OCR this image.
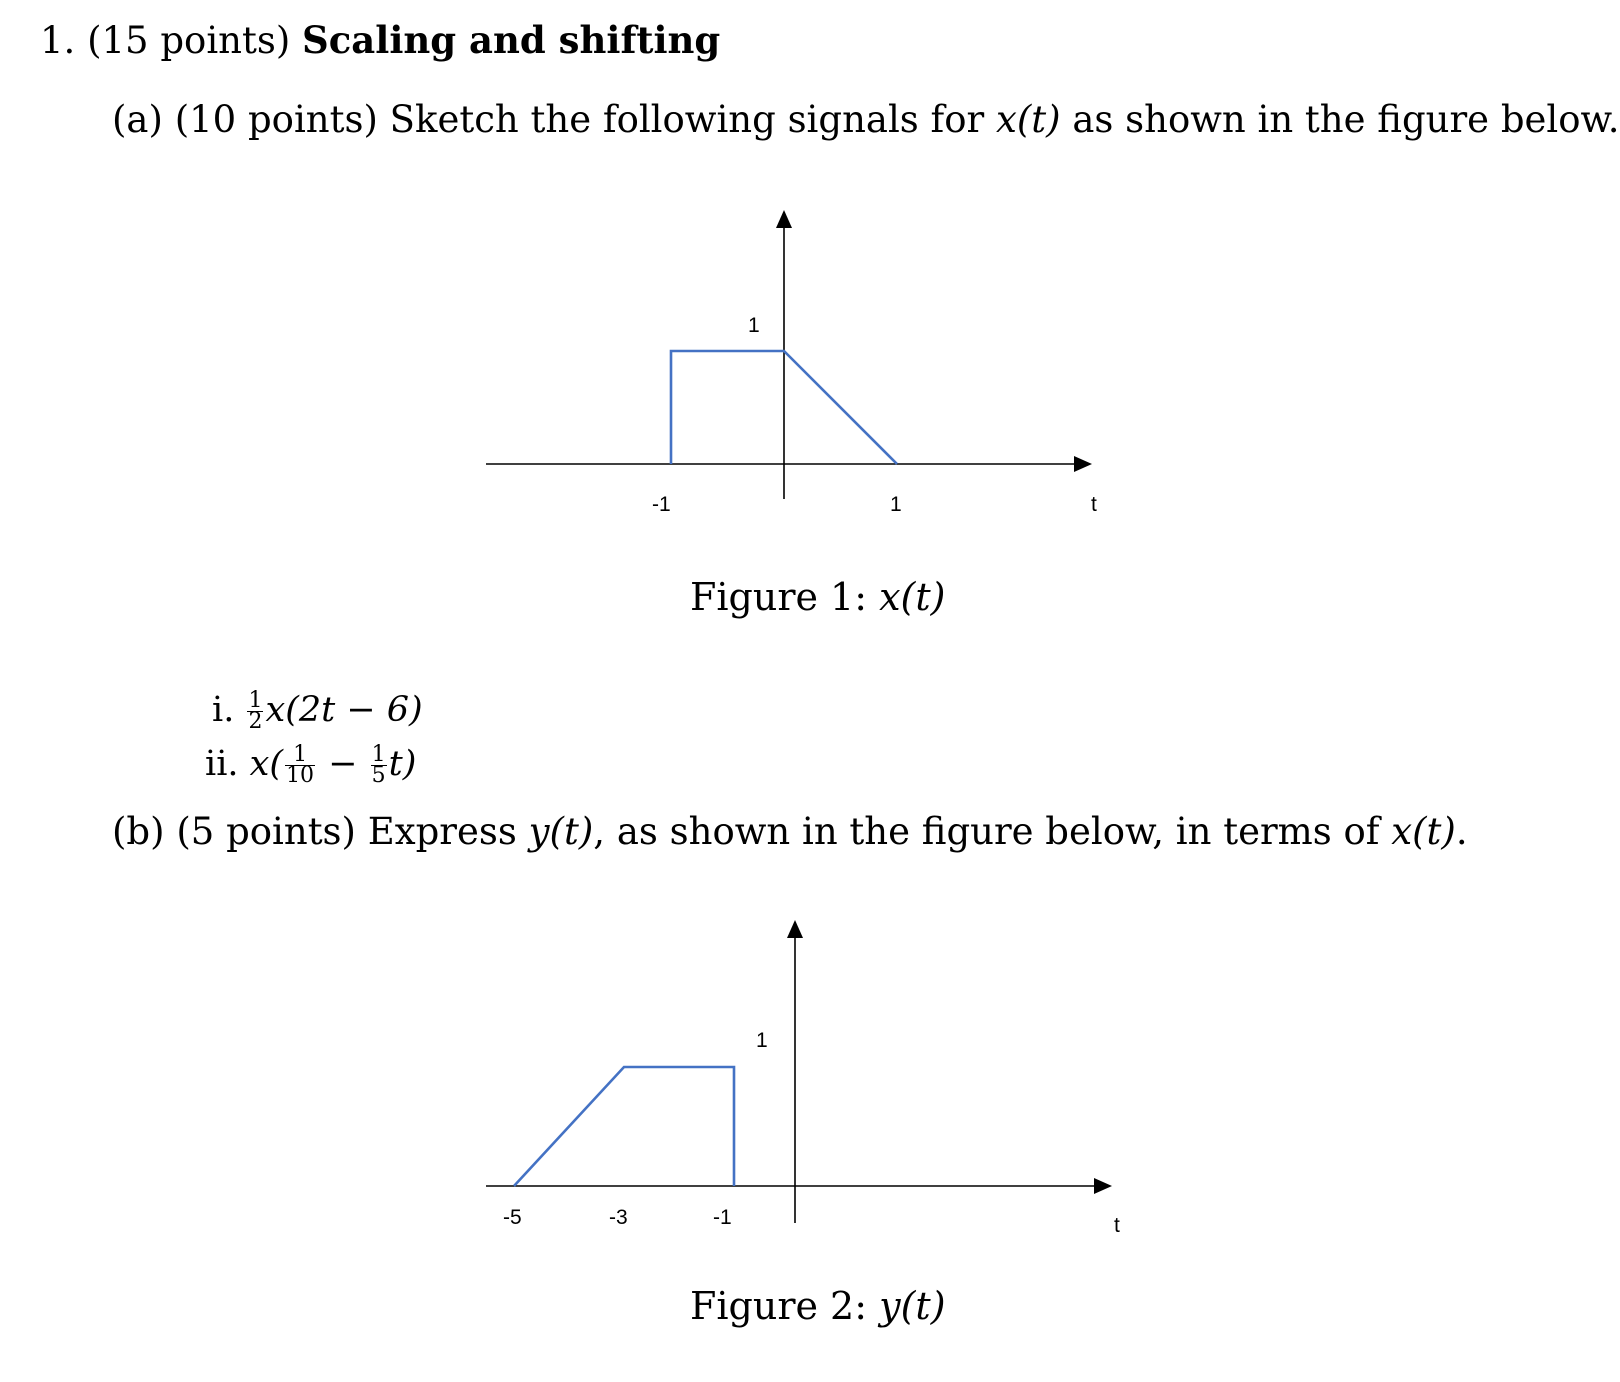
1. (15 points) Scaling and shifting
(a) (10 points) Sketch the following signals for x(t) as shown in the figure below.
1
-1	1	t
1
-5	-3	-1	t
Figure 1: x(t)
i. $\frac{1}{2} x(2t - 6)$
ii. $x( \frac{1}{10} - \frac{1}{5} t)$
(b) (5 points) Express y(t), as shown in the figure below, in terms of x(t).
Figure 2: y(t)
